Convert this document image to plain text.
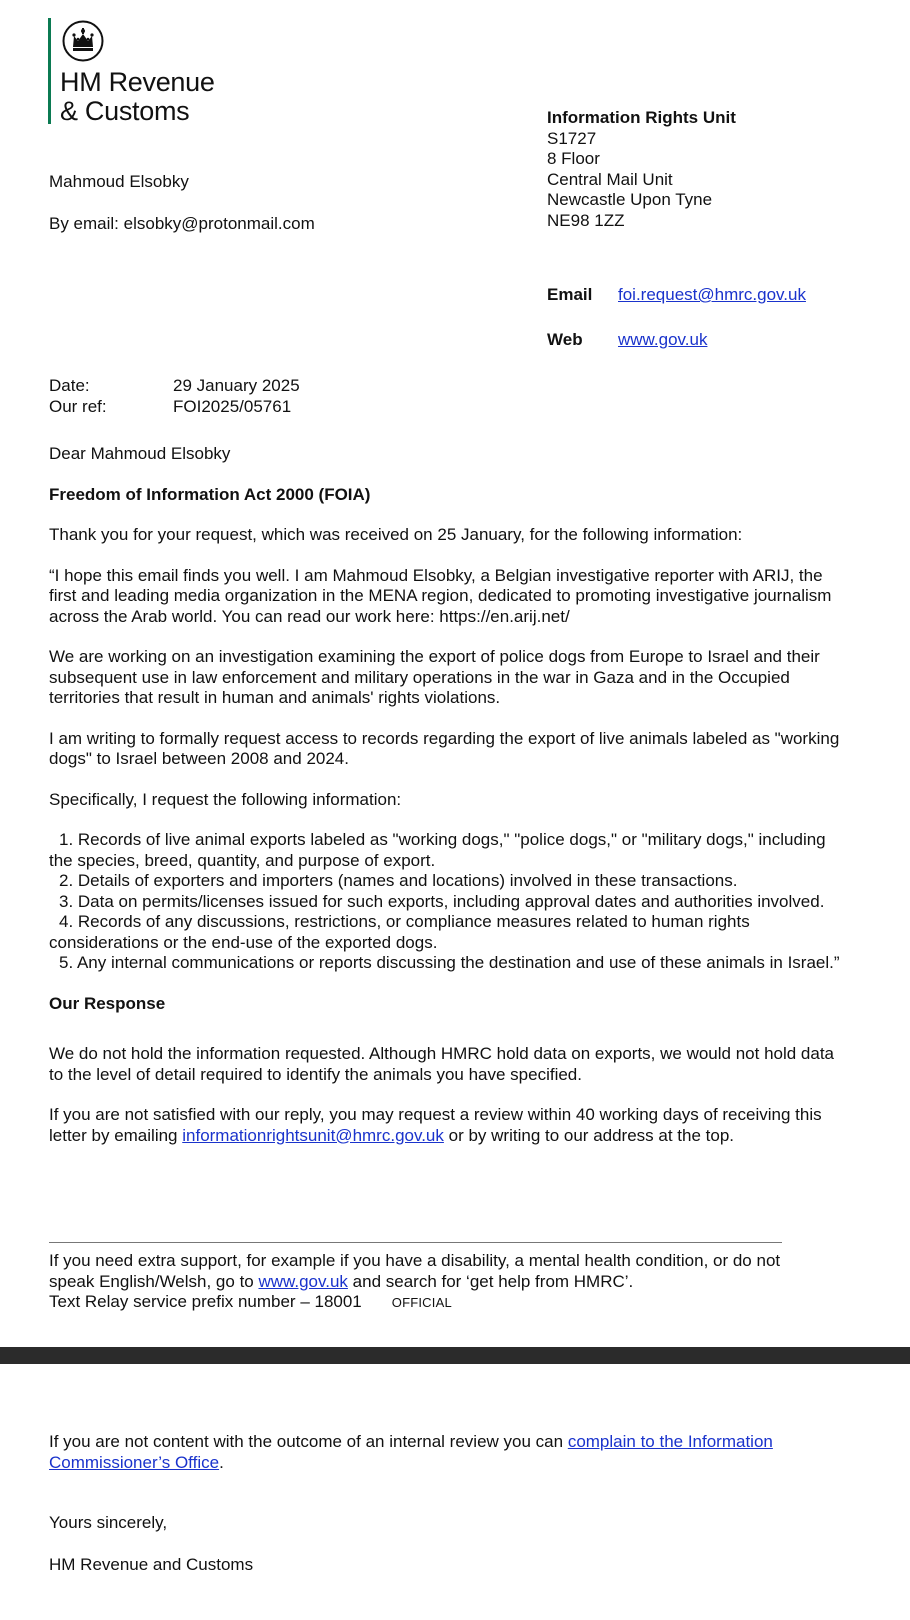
HM Revenue
& Customs

Mahmoud Elsobky

By email: elsobky@protonmail.com

Information Rights Unit
S1727
8 Floor
Central Mail Unit
Newcastle Upon Tyne
NE98 1ZZ
Email foi.request@hmrc.gov.uk
Web www.gov.uk
Date:	29 January 2025
Our ref:	FOI2025/05761

Dear Mahmoud Elsobky

Freedom of Information Act 2000 (FOIA)

Thank you for your request, which was received on 25 January, for the following information:

“I hope this email finds you well. I am Mahmoud Elsobky, a Belgian investigative reporter with ARIJ, the first and leading media organization in the MENA region, dedicated to promoting investigative journalism across the Arab world. You can read our work here: https://en.arij.net/

We are working on an investigation examining the export of police dogs from Europe to Israel and their subsequent use in law enforcement and military operations in the war in Gaza and in the Occupied territories that result in human and animals' rights violations.

I am writing to formally request access to records regarding the export of live animals labeled as "working dogs" to Israel between 2008 and 2024.

Specifically, I request the following information:

1. Records of live animal exports labeled as "working dogs," "police dogs," or "military dogs," including the species, breed, quantity, and purpose of export.

2. Details of exporters and importers (names and locations) involved in these transactions.

3. Data on permits/licenses issued for such exports, including approval dates and authorities involved.

4. Records of any discussions, restrictions, or compliance measures related to human rights considerations or the end-use of the exported dogs.

5. Any internal communications or reports discussing the destination and use of these animals in Israel.”

Our Response

We do not hold the information requested. Although HMRC hold data on exports, we would not hold data to the level of detail required to identify the animals you have specified.

If you are not satisfied with our reply, you may request a review within 40 working days of receiving this letter by emailing informationrightsunit@hmrc.gov.uk or by writing to our address at the top.

If you need extra support, for example if you have a disability, a mental health condition, or do not speak English/Welsh, go to www.gov.uk and search for ‘get help from HMRC’.

Text Relay service prefix number – 18001 OFFICIAL

If you are not content with the outcome of an internal review you can complain to the Information Commissioner’s Office.

Yours sincerely,

HM Revenue and Customs
